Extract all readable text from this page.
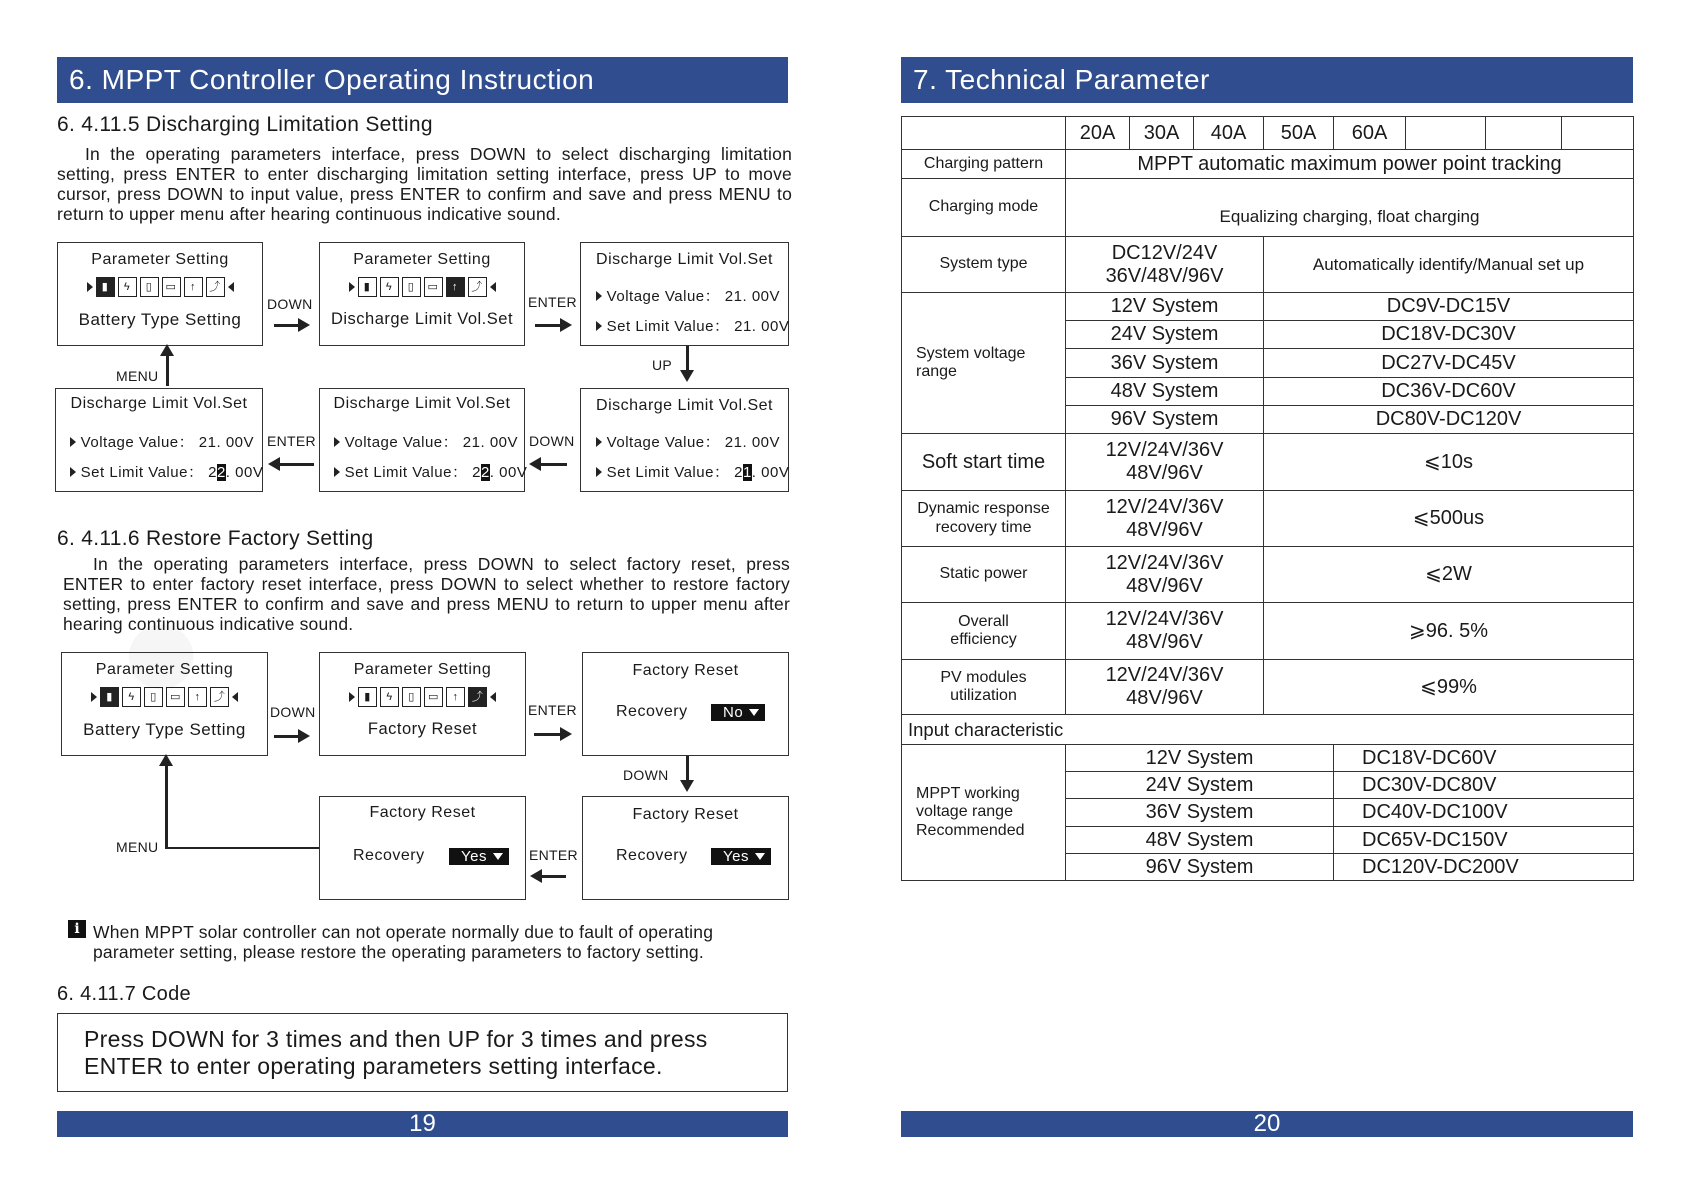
6. MPPT Controller Operating Instruction
6. 4.11.5 Discharging Limitation Setting
In the operating parameters interface, press DOWN to select discharging limitation setting, press ENTER to enter discharging limitation setting interface, press UP to move cursor, press DOWN to input value, press ENTER to confirm and save and press MENU to return to upper menu after hearing continuous indicative sound.
Parameter Setting
▮	ϟ	▯	▭	↑	⤴
Battery Type Setting
DOWN
Parameter Setting
▮	ϟ	▯	▭	↑	⤴
Discharge Limit Vol.Set
ENTER
Discharge Limit Vol.Set
Voltage Value： 21. 00V
Set Limit Value： 21. 00V
UP
Discharge Limit Vol.Set
Voltage Value： 21. 00V
Set Limit Value： 21. 00V
DOWN
Discharge Limit Vol.Set
Voltage Value： 21. 00V
Set Limit Value： 22. 00V
ENTER
Discharge Limit Vol.Set
Voltage Value： 21. 00V
Set Limit Value： 22. 00V
MENU
6. 4.11.6 Restore Factory Setting
In the operating parameters interface, press DOWN to select factory reset, press ENTER to enter factory reset interface, press DOWN to select whether to restore factory setting, press ENTER to confirm and save and press MENU to return to upper menu after hearing continuous indicative sound.
Parameter Setting
▮	ϟ	▯	▭	↑	⤴
Battery Type Setting
DOWN
Parameter Setting
▮	ϟ	▯	▭	↑	⤴
Factory Reset
ENTER
Factory Reset
Recovery	No
DOWN
Factory Reset
Recovery	Yes
ENTER
Factory Reset
Recovery	Yes
MENU
i When MPPT solar controller can not operate normally due to fault of operating parameter setting, please restore the operating parameters to factory setting.
6. 4.11.7 Code
Press DOWN for 3 times and then UP for 3 times and press ENTER to enter operating parameters setting interface.
19
7. Technical Parameter
	20A	30A	40A	50A	60A			
Charging pattern	MPPT automatic maximum power point tracking							
Charging mode	Equalizing charging, float charging							
System type	DC12V/24V 36V/48V/96V			Automatically identify/Manual set up				
System voltage range	12V System			DC9V-DC15V				
	24V System			DC18V-DC30V				
	36V System			DC27V-DC45V				
	48V System			DC36V-DC60V				
	96V System			DC80V-DC120V				
Soft start time	12V/24V/36V 48V/96V			⩽10s				
Dynamic response recovery time	12V/24V/36V 48V/96V			⩽500us				
Static power	12V/24V/36V 48V/96V			⩽2W				
Overall efficiency	12V/24V/36V 48V/96V			⩾96. 5%				
PV modules utilization	12V/24V/36V 48V/96V			⩽99%				
Input characteristic								
MPPT working voltage range Recommended	12V System				DC18V-DC60V			
	24V System				DC30V-DC80V			
	36V System				DC40V-DC100V			
	48V System				DC65V-DC150V			
	96V System				DC120V-DC200V			
20
